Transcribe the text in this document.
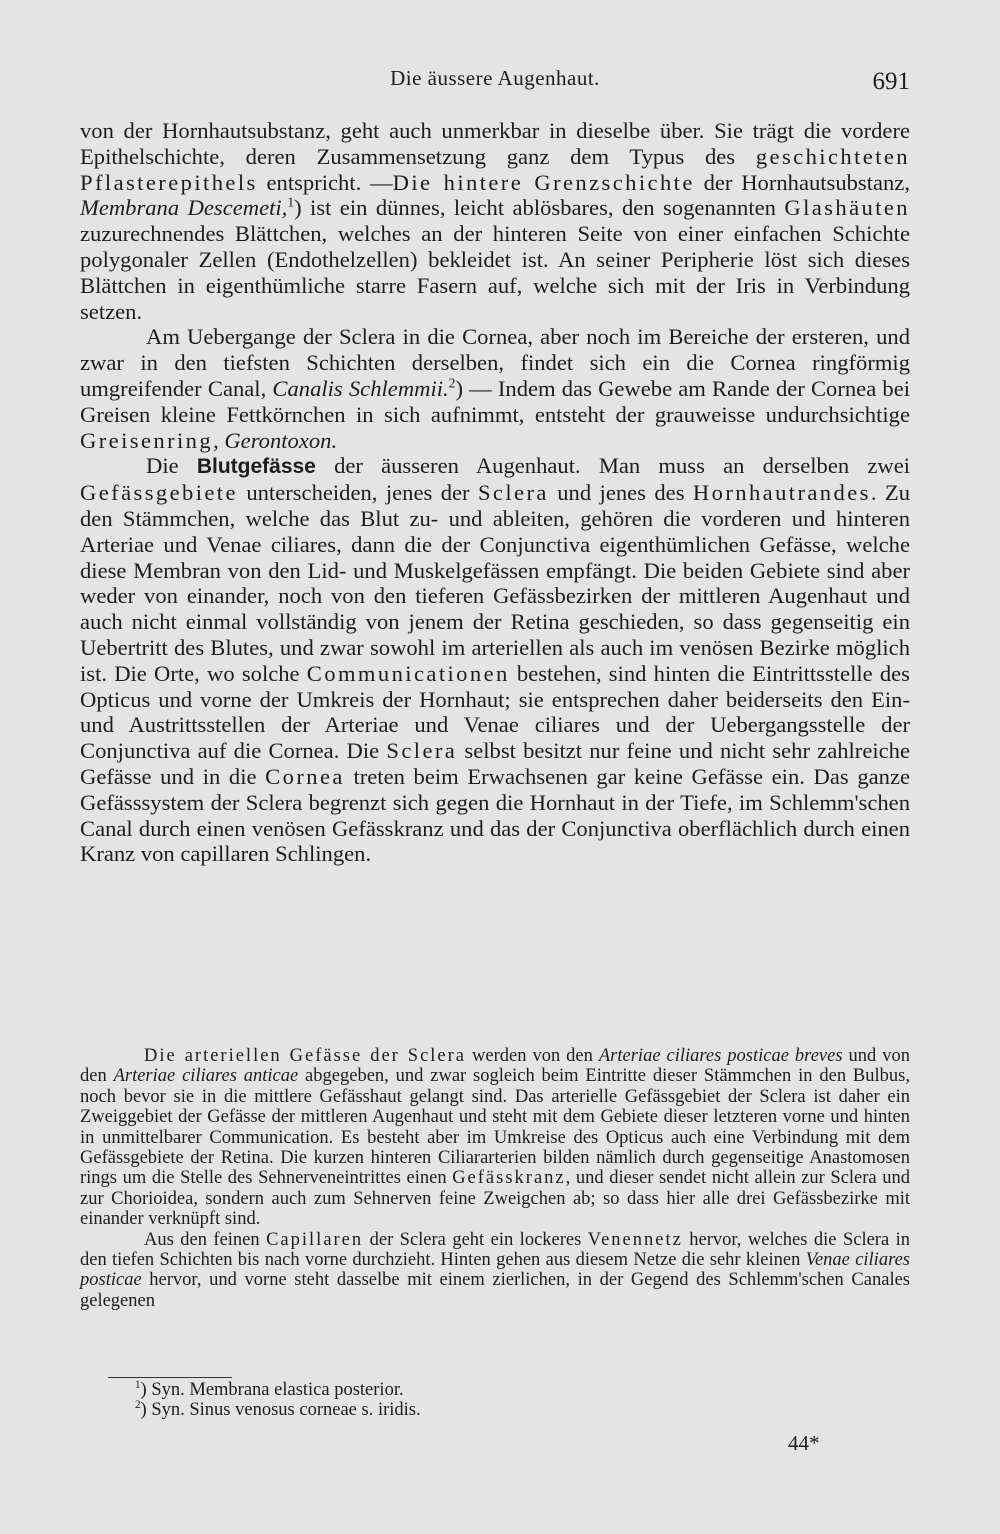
Die äussere Augenhaut.	691

von der Hornhautsubstanz, geht auch unmerkbar in dieselbe über. Sie trägt die vordere Epithelschichte, deren Zusammensetzung ganz dem Typus des geschichteten Pflasterepithels entspricht. —Die hintere Grenzschichte der Hornhautsubstanz, Membrana Descemeti,$^1$) ist ein dünnes, leicht ablösbares, den sogenannten Glashäuten zuzurechnendes Blättchen, welches an der hinteren Seite von einer einfachen Schichte polygonaler Zellen (Endothelzellen) bekleidet ist. An seiner Peripherie löst sich dieses Blättchen in eigenthümliche starre Fasern auf, welche sich mit der Iris in Verbindung setzen.

Am Uebergange der Sclera in die Cornea, aber noch im Bereiche der ersteren, und zwar in den tiefsten Schichten derselben, findet sich ein die Cornea ringförmig umgreifender Canal, Canalis Schlemmii.$^2$) — Indem das Gewebe am Rande der Cornea bei Greisen kleine Fettkörnchen in sich aufnimmt, entsteht der grauweisse undurchsichtige Greisenring, Gerontoxon.

Die Blutgefässe der äusseren Augenhaut. Man muss an derselben zwei Gefässgebiete unterscheiden, jenes der Sclera und jenes des Hornhautrandes. Zu den Stämmchen, welche das Blut zu- und ableiten, gehören die vorderen und hinteren Arteriae und Venae ciliares, dann die der Conjunctiva eigenthümlichen Gefässe, welche diese Membran von den Lid- und Muskelgefässen empfängt. Die beiden Gebiete sind aber weder von einander, noch von den tieferen Gefässbezirken der mittleren Augenhaut und auch nicht einmal vollständig von jenem der Retina geschieden, so dass gegenseitig ein Uebertritt des Blutes, und zwar sowohl im arteriellen als auch im venösen Bezirke möglich ist. Die Orte, wo solche Communicationen bestehen, sind hinten die Eintrittsstelle des Opticus und vorne der Umkreis der Hornhaut; sie entsprechen daher beiderseits den Ein- und Austrittsstellen der Arteriae und Venae ciliares und der Uebergangsstelle der Conjunctiva auf die Cornea. Die Sclera selbst besitzt nur feine und nicht sehr zahlreiche Gefässe und in die Cornea treten beim Erwachsenen gar keine Gefässe ein. Das ganze Gefässsystem der Sclera begrenzt sich gegen die Hornhaut in der Tiefe, im Schlemm'schen Canal durch einen venösen Gefässkranz und das der Conjunctiva oberflächlich durch einen Kranz von capillaren Schlingen.

Die arteriellen Gefässe der Sclera werden von den Arteriae ciliares posticae breves und von den Arteriae ciliares anticae abgegeben, und zwar sogleich beim Eintritte dieser Stämmchen in den Bulbus, noch bevor sie in die mittlere Gefässhaut gelangt sind. Das arterielle Gefässgebiet der Sclera ist daher ein Zweiggebiet der Gefässe der mittleren Augenhaut und steht mit dem Gebiete dieser letzteren vorne und hinten in unmittelbarer Communication. Es besteht aber im Umkreise des Opticus auch eine Verbindung mit dem Gefässgebiete der Retina. Die kurzen hinteren Ciliararterien bilden nämlich durch gegenseitige Anastomosen rings um die Stelle des Sehnerveneintrittes einen Gefässkranz, und dieser sendet nicht allein zur Sclera und zur Chorioidea, sondern auch zum Sehnerven feine Zweigchen ab; so dass hier alle drei Gefässbezirke mit einander verknüpft sind.

Aus den feinen Capillaren der Sclera geht ein lockeres Venennetz hervor, welches die Sclera in den tiefen Schichten bis nach vorne durchzieht. Hinten gehen aus diesem Netze die sehr kleinen Venae ciliares posticae hervor, und vorne steht dasselbe mit einem zierlichen, in der Gegend des Schlemm'schen Canales gelegenen

$^1$) Syn. Membrana elastica posterior.
$^2$) Syn. Sinus venosus corneae s. iridis.
44*
